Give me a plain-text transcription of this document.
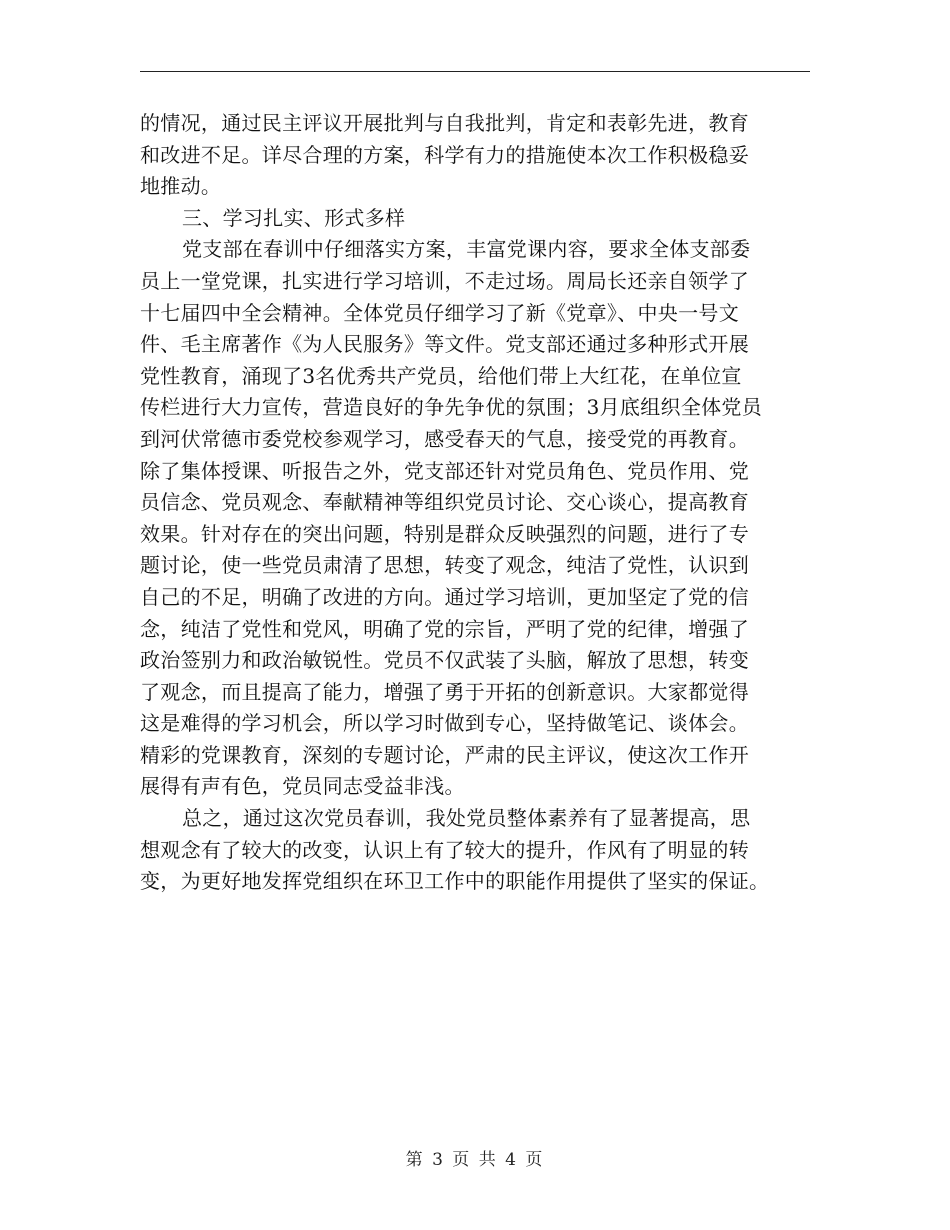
的情况，通过民主评议开展批判与自我批判，肯定和表彰先进，教育
和改进不足。详尽合理的方案，科学有力的措施使本次工作积极稳妥
地推动。
三、学习扎实、形式多样
党支部在春训中仔细落实方案，丰富党课内容，要求全体支部委
员上一堂党课，扎实进行学习培训，不走过场。周局长还亲自领学了
十七届四中全会精神。全体党员仔细学习了新《党章》、中央一号文
件、毛主席著作《为人民服务》等文件。党支部还通过多种形式开展
党性教育，涌现了3名优秀共产党员，给他们带上大红花，在单位宣
传栏进行大力宣传，营造良好的争先争优的氛围；3月底组织全体党员
到河伏常德市委党校参观学习，感受春天的气息，接受党的再教育。
除了集体授课、听报告之外，党支部还针对党员角色、党员作用、党
员信念、党员观念、奉献精神等组织党员讨论、交心谈心，提高教育
效果。针对存在的突出问题，特别是群众反映强烈的问题，进行了专
题讨论，使一些党员肃清了思想，转变了观念，纯洁了党性，认识到
自己的不足，明确了改进的方向。通过学习培训，更加坚定了党的信
念，纯洁了党性和党风，明确了党的宗旨，严明了党的纪律，增强了
政治签别力和政治敏锐性。党员不仅武装了头脑，解放了思想，转变
了观念，而且提高了能力，增强了勇于开拓的创新意识。大家都觉得
这是难得的学习机会，所以学习时做到专心，坚持做笔记、谈体会。
精彩的党课教育，深刻的专题讨论，严肃的民主评议，使这次工作开
展得有声有色，党员同志受益非浅。
总之，通过这次党员春训，我处党员整体素养有了显著提高，思
想观念有了较大的改变，认识上有了较大的提升，作风有了明显的转
变，为更好地发挥党组织在环卫工作中的职能作用提供了坚实的保证。
第 3 页 共 4 页
